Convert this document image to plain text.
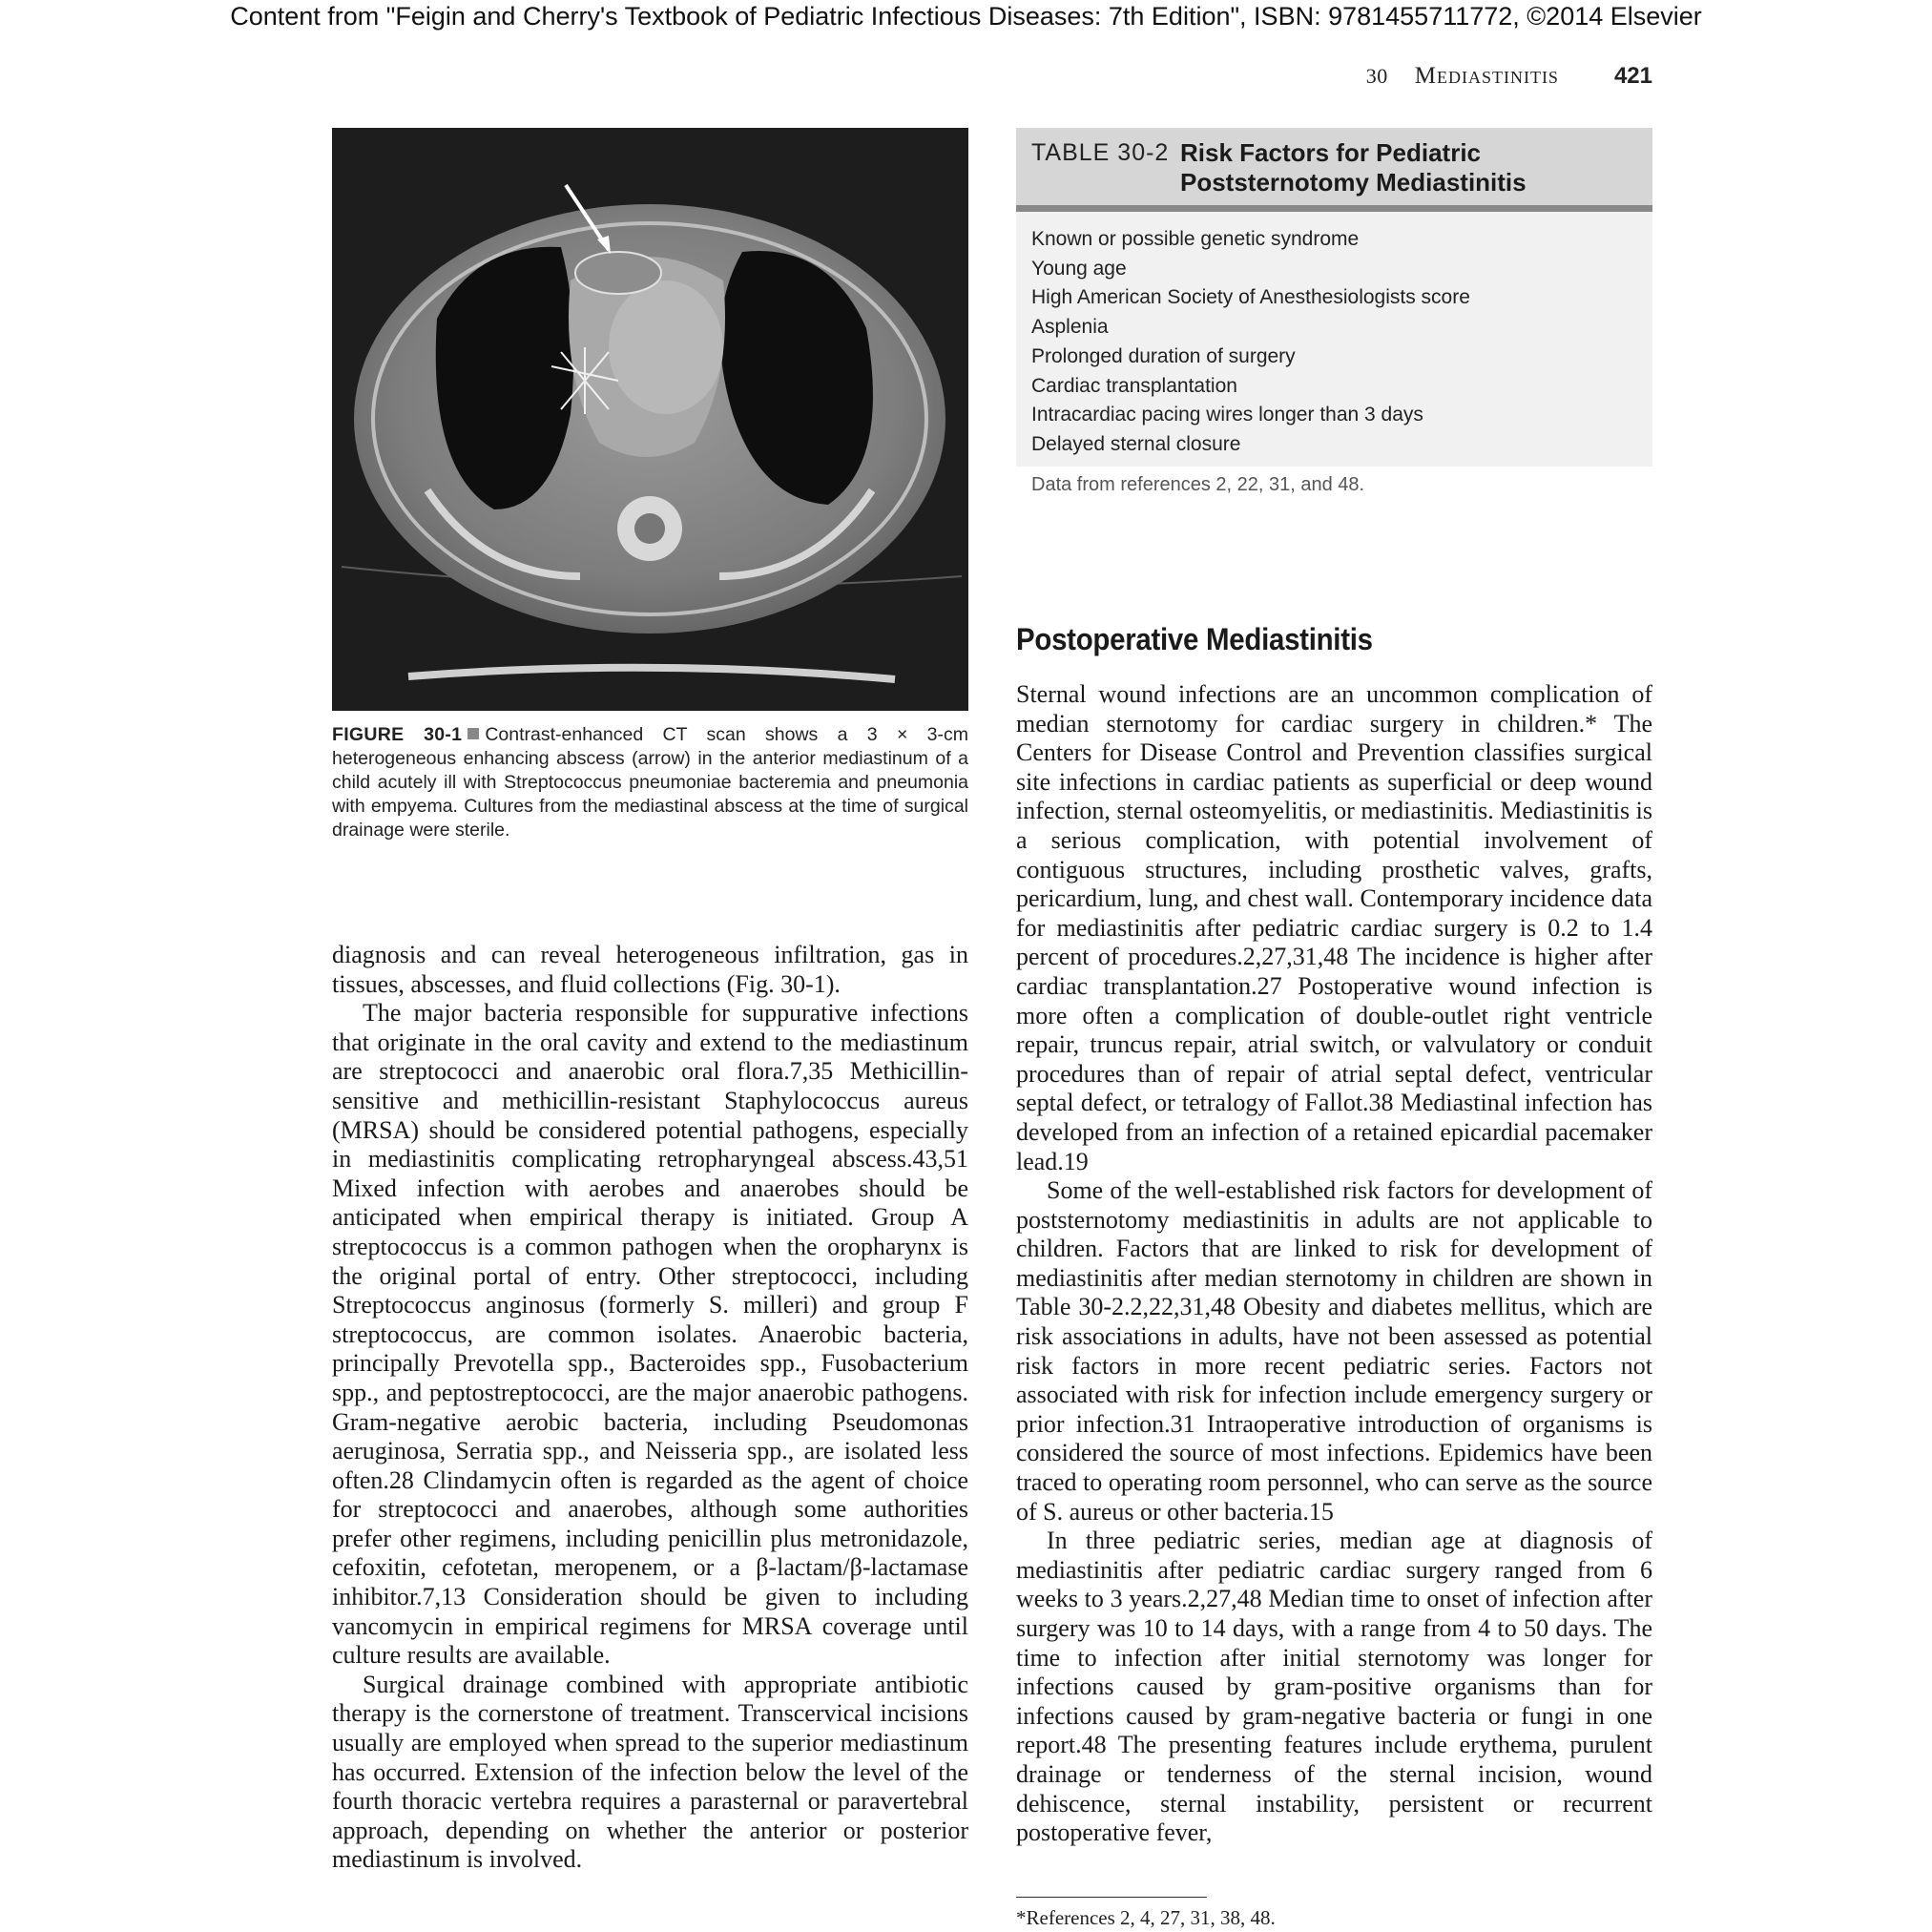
Content from "Feigin and Cherry's Textbook of Pediatric Infectious Diseases: 7th Edition", ISBN: 9781455711772, ©2014 Elsevier
30 Mediastinitis 421
FIGURE 30-1 Contrast-enhanced CT scan shows a 3 × 3-cm heterogeneous enhancing abscess (arrow) in the anterior mediastinum of a child acutely ill with Streptococcus pneumoniae bacteremia and pneumonia with empyema. Cultures from the mediastinal abscess at the time of surgical drainage were sterile.
TABLE 30-2 Risk Factors for Pediatric Poststernotomy Mediastinitis
Known or possible genetic syndrome
Young age
High American Society of Anesthesiologists score
Asplenia
Prolonged duration of surgery
Cardiac transplantation
Intracardiac pacing wires longer than 3 days
Delayed sternal closure
Data from references 2, 22, 31, and 48.

diagnosis and can reveal heterogeneous infiltration, gas in tissues, abscesses, and fluid collections (Fig. 30-1).

The major bacteria responsible for suppurative infections that originate in the oral cavity and extend to the mediastinum are streptococci and anaerobic oral flora.7,35 Methicillin-sensitive and methicillin-resistant Staphylococcus aureus (MRSA) should be considered potential pathogens, especially in mediastinitis complicating retropharyngeal abscess.43,51 Mixed infection with aerobes and anaerobes should be anticipated when empirical therapy is initiated. Group A streptococcus is a common pathogen when the oropharynx is the original portal of entry. Other streptococci, including Streptococcus anginosus (formerly S. milleri) and group F streptococcus, are common isolates. Anaerobic bacteria, principally Prevotella spp., Bacteroides spp., Fusobacterium spp., and peptostreptococci, are the major anaerobic pathogens. Gram-negative aerobic bacteria, including Pseudomonas aeruginosa, Serratia spp., and Neisseria spp., are isolated less often.28 Clindamycin often is regarded as the agent of choice for streptococci and anaerobes, although some authorities prefer other regimens, including penicillin plus metronidazole, cefoxitin, cefotetan, meropenem, or a β-lactam/β-lactamase inhibitor.7,13 Consideration should be given to including vancomycin in empirical regimens for MRSA coverage until culture results are available.

Surgical drainage combined with appropriate antibiotic therapy is the cornerstone of treatment. Transcervical incisions usually are employed when spread to the superior mediastinum has occurred. Extension of the infection below the level of the fourth thoracic vertebra requires a parasternal or paravertebral approach, depending on whether the anterior or posterior mediastinum is involved.

Postoperative Mediastinitis

Sternal wound infections are an uncommon complication of median sternotomy for cardiac surgery in children.* The Centers for Disease Control and Prevention classifies surgical site infections in cardiac patients as superficial or deep wound infection, sternal osteomyelitis, or mediastinitis. Mediastinitis is a serious complication, with potential involvement of contiguous structures, including prosthetic valves, grafts, pericardium, lung, and chest wall. Contemporary incidence data for mediastinitis after pediatric cardiac surgery is 0.2 to 1.4 percent of procedures.2,27,31,48 The incidence is higher after cardiac transplantation.27 Postoperative wound infection is more often a complication of double-outlet right ventricle repair, truncus repair, atrial switch, or valvulatory or conduit procedures than of repair of atrial septal defect, ventricular septal defect, or tetralogy of Fallot.38 Mediastinal infection has developed from an infection of a retained epicardial pacemaker lead.19

Some of the well-established risk factors for development of poststernotomy mediastinitis in adults are not applicable to children. Factors that are linked to risk for development of mediastinitis after median sternotomy in children are shown in Table 30-2.2,22,31,48 Obesity and diabetes mellitus, which are risk associations in adults, have not been assessed as potential risk factors in more recent pediatric series. Factors not associated with risk for infection include emergency surgery or prior infection.31 Intraoperative introduction of organisms is considered the source of most infections. Epidemics have been traced to operating room personnel, who can serve as the source of S. aureus or other bacteria.15

In three pediatric series, median age at diagnosis of mediastinitis after pediatric cardiac surgery ranged from 6 weeks to 3 years.2,27,48 Median time to onset of infection after surgery was 10 to 14 days, with a range from 4 to 50 days. The time to infection after initial sternotomy was longer for infections caused by gram-positive organisms than for infections caused by gram-negative bacteria or fungi in one report.48 The presenting features include erythema, purulent drainage or tenderness of the sternal incision, wound dehiscence, sternal instability, persistent or recurrent postoperative fever,

*References 2, 4, 27, 31, 38, 48.
